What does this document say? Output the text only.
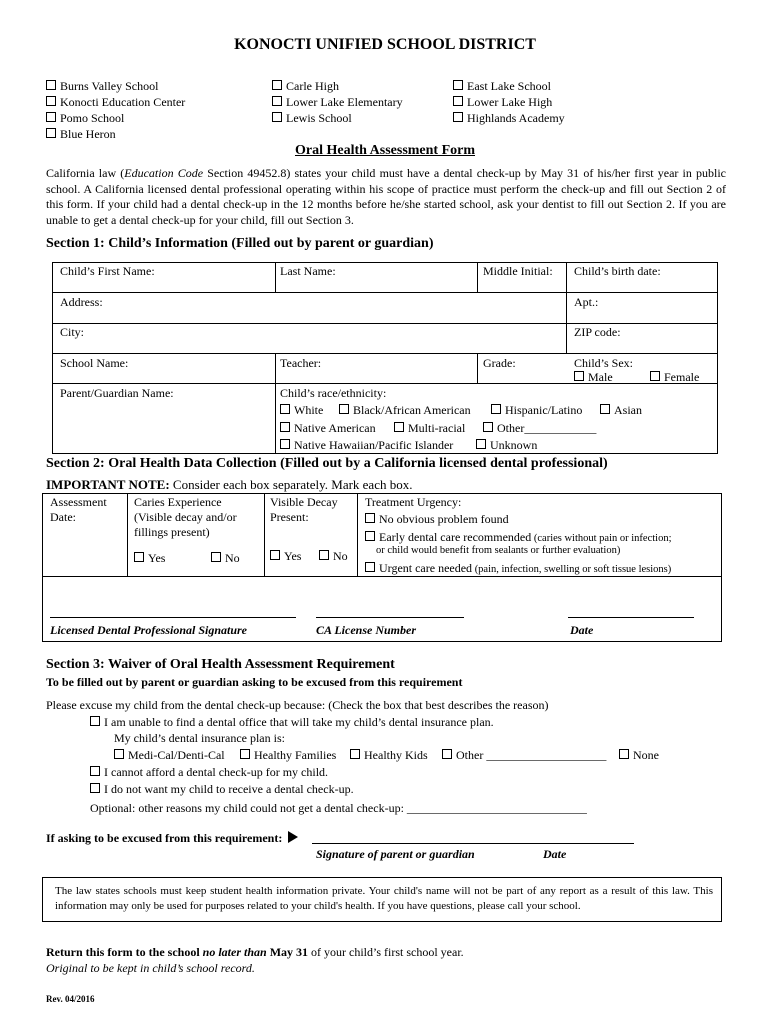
KONOCTI UNIFIED SCHOOL DISTRICT
Burns Valley School
Konocti Education Center
Pomo School
Blue Heron
Carle High
Lower Lake Elementary
Lewis School
East Lake School
Lower Lake High
Highlands Academy
Oral Health Assessment Form
California law (Education Code Section 49452.8) states your child must have a dental check-up by May 31 of his/her first year in public school. A California licensed dental professional operating within his scope of practice must perform the check-up and fill out Section 2 of this form. If your child had a dental check-up in the 12 months before he/she started school, ask your dentist to fill out Section 2. If you are unable to get a dental check-up for your child, fill out Section 3.
Section 1: Child’s Information (Filled out by parent or guardian)
Child’s First Name:	Last Name:	Middle Initial: Child’s birth date:
Address:	Apt.:
City:	ZIP code:
School Name:	Teacher:	Grade:	Child’s Sex:
Male	Female
Parent/Guardian Name:	Child’s race/ethnicity:
White	Black/African American	Hispanic/Latino	Asian
Native American	Multi-racial	Other____________
Native Hawaiian/Pacific Islander	Unknown
Section 2: Oral Health Data Collection (Filled out by a California licensed dental professional)
IMPORTANT NOTE: Consider each box separately. Mark each box.
Assessment
Date:
Caries Experience
(Visible decay and/or
fillings present)
Yes	No
Visible Decay
Present:
Yes	No
Treatment Urgency:
No obvious problem found
Early dental care recommended (caries without pain or infection;
or child would benefit from sealants or further evaluation)
Urgent care needed (pain, infection, swelling or soft tissue lesions)
Licensed Dental Professional Signature	CA License Number	Date
Section 3: Waiver of Oral Health Assessment Requirement
To be filled out by parent or guardian asking to be excused from this requirement
Please excuse my child from the dental check-up because: (Check the box that best describes the reason)
I am unable to find a dental office that will take my child’s dental insurance plan.
My child’s dental insurance plan is:
Medi-Cal/Denti-Cal	Healthy Families	Healthy Kids	Other ____________________	None
I cannot afford a dental check-up for my child.
I do not want my child to receive a dental check-up.
Optional: other reasons my child could not get a dental check-up: ______________________________
If asking to be excused from this requirement:
Signature of parent or guardian	Date
The law states schools must keep student health information private. Your child's name will not be part of any report as a result of this law. This information may only be used for purposes related to your child's health. If you have questions, please call your school.
Return this form to the school no later than May 31 of your child’s first school year.
Original to be kept in child’s school record.
Rev. 04/2016
